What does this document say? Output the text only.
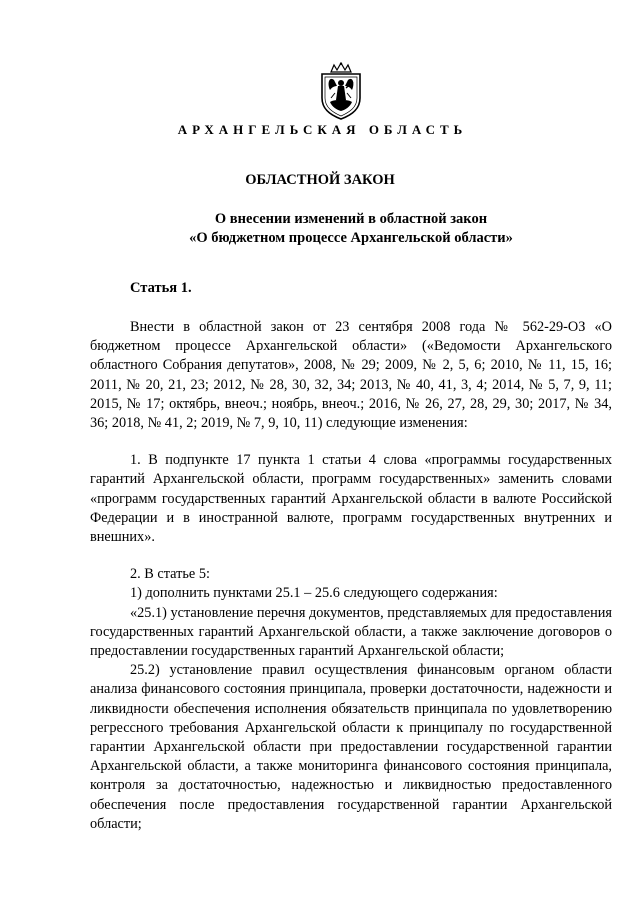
АРХАНГЕЛЬСКАЯ ОБЛАСТЬ
ОБЛАСТНОЙ ЗАКОН
О внесении изменений в областной закон
«О бюджетном процессе Архангельской области»
Статья 1.

Внести в областной закон от 23 сентября 2008 года № 562-29-ОЗ «О бюджетном процессе Архангельской области» («Ведомости Архангельского областного Собрания депутатов», 2008, № 29; 2009, № 2, 5, 6; 2010, № 11, 15, 16; 2011, № 20, 21, 23; 2012, № 28, 30, 32, 34; 2013, № 40, 41, 3, 4; 2014, № 5, 7, 9, 11; 2015, № 17; октябрь, внеоч.; ноябрь, внеоч.; 2016, № 26, 27, 28, 29, 30; 2017, № 34, 36; 2018, № 41, 2; 2019, № 7, 9, 10, 11) следующие изменения:

1. В подпункте 17 пункта 1 статьи 4 слова «программы государственных гарантий Архангельской области, программ государственных» заменить словами «программ государственных гарантий Архангельской области в валюте Российской Федерации и в иностранной валюте, программ государственных внутренних и внешних».

2. В статье 5:

1) дополнить пунктами 25.1 – 25.6 следующего содержания:

«25.1) установление перечня документов, представляемых для предоставления государственных гарантий Архангельской области, а также заключение договоров о предоставлении государственных гарантий Архангельской области;

25.2) установление правил осуществления финансовым органом области анализа финансового состояния принципала, проверки достаточности, надежности и ликвидности обеспечения исполнения обязательств принципала по удовлетворению регрессного требования Архангельской области к принципалу по государственной гарантии Архангельской области при предоставлении государственной гарантии Архангельской области, а также мониторинга финансового состояния принципала, контроля за достаточностью, надежностью и ликвидностью предоставленного обеспечения после предоставления государственной гарантии Архангельской области;
